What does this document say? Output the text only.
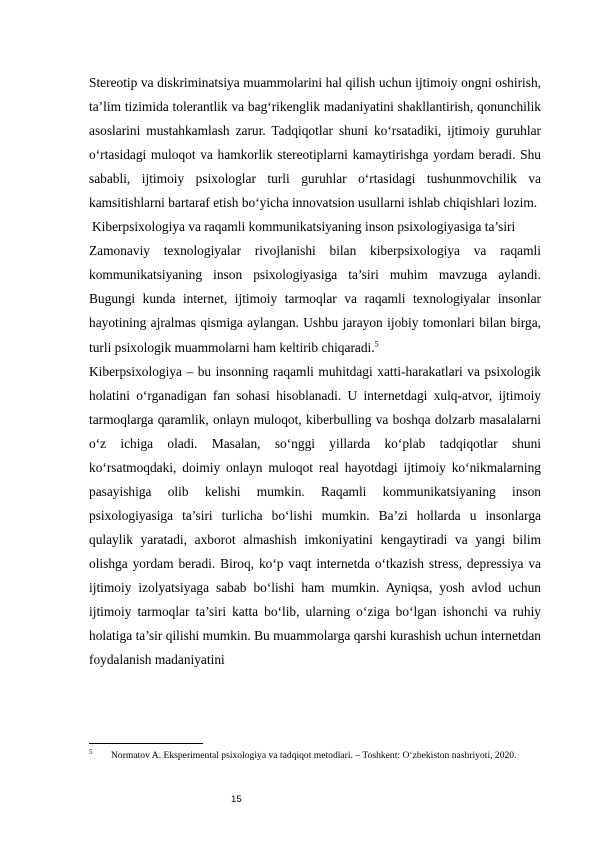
Stereotip va diskriminatsiya muammolarini hal qilish uchun ijtimoiy ongni oshirish, ta’lim tizimida tolerantlik va bag‘rikenglik madaniyatini shakllantirish, qonunchilik asoslarini mustahkamlash zarur. Tadqiqotlar shuni ko‘rsatadiki, ijtimoiy guruhlar o‘rtasidagi muloqot va hamkorlik stereotiplarni kamaytirishga yordam beradi. Shu sababli, ijtimoiy psixologlar turli guruhlar o‘rtasidagi tushunmovchilik va kamsitishlarni bartaraf etish bo‘yicha innovatsion usullarni ishlab chiqishlari lozim.

Kiberpsixologiya va raqamli kommunikatsiyaning inson psixologiyasiga ta’siri

Zamonaviy texnologiyalar rivojlanishi bilan kiberpsixologiya va raqamli kommunikatsiyaning inson psixologiyasiga ta’siri muhim mavzuga aylandi. Bugungi kunda internet, ijtimoiy tarmoqlar va raqamli texnologiyalar insonlar hayotining ajralmas qismiga aylangan. Ushbu jarayon ijobiy tomonlari bilan birga, turli psixologik muammolarni ham keltirib chiqaradi.$^5$

Kiberpsixologiya – bu insonning raqamli muhitdagi xatti-harakatlari va psixologik holatini o‘rganadigan fan sohasi hisoblanadi. U internetdagi xulq-atvor, ijtimoiy tarmoqlarga qaramlik, onlayn muloqot, kiberbulling va boshqa dolzarb masalalarni o‘z ichiga oladi. Masalan, so‘nggi yillarda ko‘plab tadqiqotlar shuni ko‘rsatmoqdaki, doimiy onlayn muloqot real hayotdagi ijtimoiy ko‘nikmalarning pasayishiga olib kelishi mumkin. Raqamli kommunikatsiyaning inson psixologiyasiga ta’siri turlicha bo‘lishi mumkin. Ba’zi hollarda u insonlarga qulaylik yaratadi, axborot almashish imkoniyatini kengaytiradi va yangi bilim olishga yordam beradi. Biroq, ko‘p vaqt internetda o‘tkazish stress, depressiya va ijtimoiy izolyatsiyaga sabab bo‘lishi ham mumkin. Ayniqsa, yosh avlod uchun ijtimoiy tarmoqlar ta’siri katta bo‘lib, ularning o‘ziga bo‘lgan ishonchi va ruhiy holatiga ta’sir qilishi mumkin. Bu muammolarga qarshi kurashish uchun internetdan foydalanish madaniyatini

5 Normatov A. Eksperimental psixologiya va tadqiqot metodlari. – Toshkent: O‘zbekiston nashriyoti, 2020.
15
